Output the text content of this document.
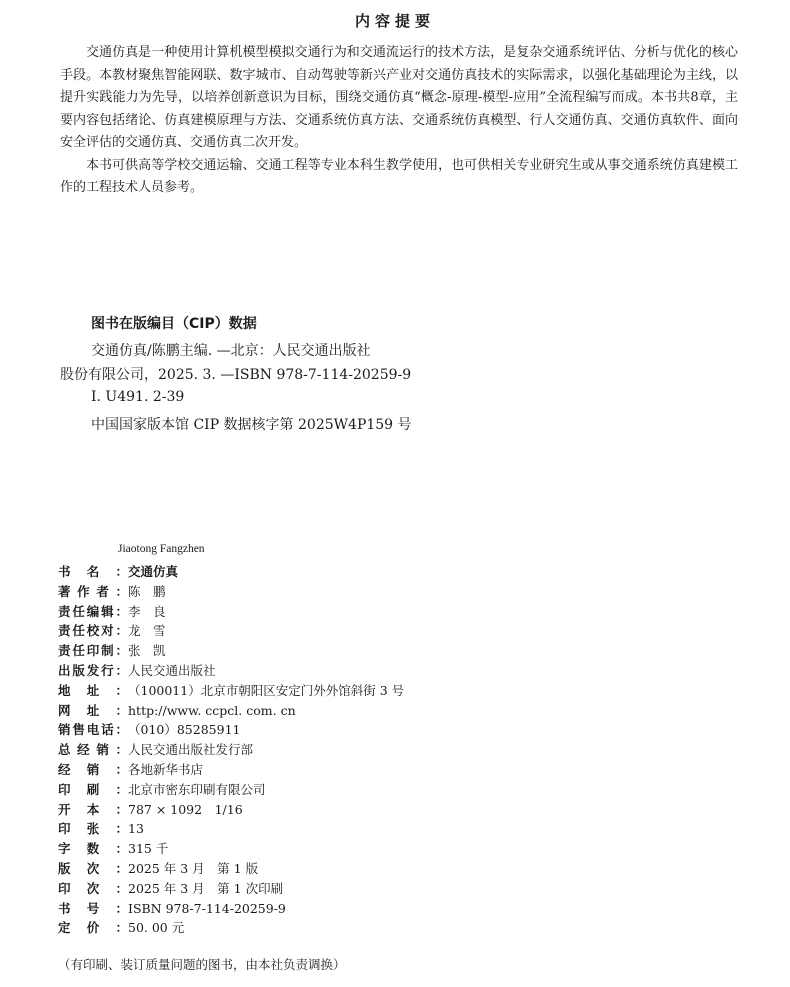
内容提要

交通仿真是一种使用计算机模型模拟交通行为和交通流运行的技术方法，是复杂交通系统评估、分析与优化的核心手段。本教材聚焦智能网联、数字城市、自动驾驶等新兴产业对交通仿真技术的实际需求，以强化基础理论为主线，以提升实践能力为先导，以培养创新意识为目标，围绕交通仿真“概念-原理-模型-应用”全流程编写而成。本书共8章，主要内容包括绪论、仿真建模原理与方法、交通系统仿真方法、交通系统仿真模型、行人交通仿真、交通仿真软件、面向安全评估的交通仿真、交通仿真二次开发。

本书可供高等学校交通运输、交通工程等专业本科生教学使用，也可供相关专业研究生或从事交通系统仿真建模工作的工程技术人员参考。

图书在版编目（CIP）数据
交通仿真/陈鹏主编. —北京：人民交通出版社
股份有限公司，2025. 3. —ISBN 978-7-114-20259-9
Ⅰ. U491. 2-39
中国国家版本馆 CIP 数据核字第 2025W4P159 号
Jiaotong Fangzhen
书名： 交通仿真
著作者： 陈　鹏
责任编辑： 李　良
责任校对： 龙　雪
责任印制： 张　凯
出版发行： 人民交通出版社
地址： （100011）北京市朝阳区安定门外外馆斜街 3 号
网址： http://www. ccpcl. com. cn
销售电话： （010）85285911
总经销： 人民交通出版社发行部
经销： 各地新华书店
印刷： 北京市密东印刷有限公司
开本： 787 × 1092　1/16
印张： 13
字数： 315 千
版次： 2025 年 3 月　第 1 版
印次： 2025 年 3 月　第 1 次印刷
书号： ISBN 978-7-114-20259-9
定价： 50. 00 元
（有印刷、装订质量问题的图书，由本社负责调换）
